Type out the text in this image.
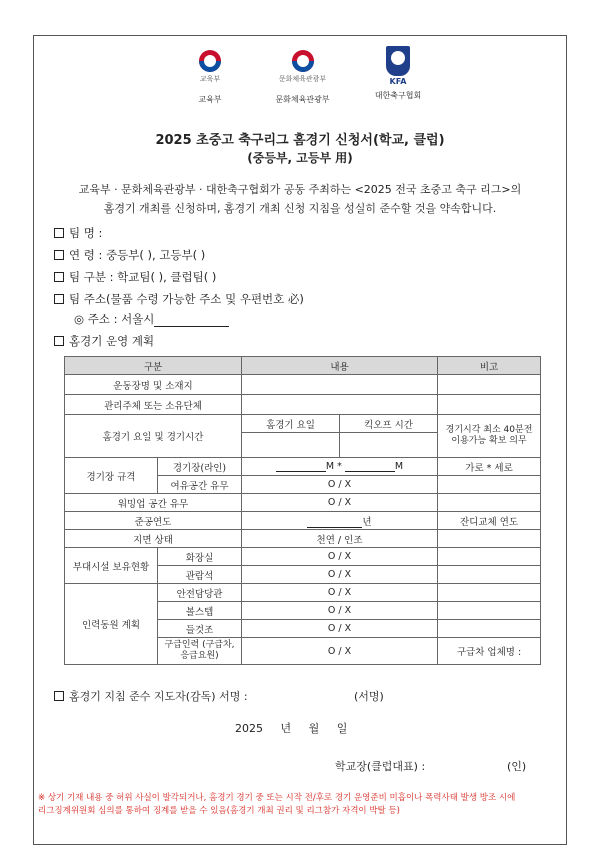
교육부
교육부
문화체육관광부
문화체육관광부
KFA
대한축구협회
2025 초중고 축구리그 홈경기 신청서(학교, 클럽)
(중등부, 고등부 用)
교육부 · 문화체육관광부 · 대한축구협회가 공동 주최하는 <2025 전국 초중고 축구 리그>의
홈경기 개최를 신청하며, 홈경기 개최 신청 지침을 성실히 준수할 것을 약속합니다.
팀 명 :
연 령 : 중등부( ), 고등부( )
팀 구분 : 학교팀( ), 클럽팀( )
팀 주소(물품 수령 가능한 주소 및 우편번호 必)
◎ 주소 : 서울시
홈경기 운영 계획
구분		내용		비고
운동장명 및 소재지				
관리주체 또는 소유단체				
홈경기 요일 및 경기시간		홈경기 요일	킥오프 시간	경기시각 최소 40분전 이용가능 확보 의무

경기장 규격	경기장(라인)	M * M		가로 * 세로
	여유공간 유무	O / X		
워밍업 공간 유무		O / X		
준공연도		년		잔디교체 연도
지면 상태		천연 / 인조		
부대시설 보유현황	화장실	O / X		
	관람석	O / X		
인력동원 계획	안전담당관	O / X		
	볼스텝	O / X		
	들것조	O / X		
	구급인력 (구급차, 응급요원)	O / X		구급차 업체명 :
홈경기 지침 준수 지도자(감독) 서명 :	(서명)
2025 년 월 일
학교장(클럽대표) :	(인)
※ 상기 기재 내용 중 허위 사실이 발각되거나, 홈경기 경기 중 또는 시작 전/후로 경기 운영준비 미흡이나 폭력사태 발생 방조 시에
리그징계위원회 심의를 통하여 징계를 받을 수 있음(홈경기 개최 권리 및 리그참가 자격이 박탈 등)
